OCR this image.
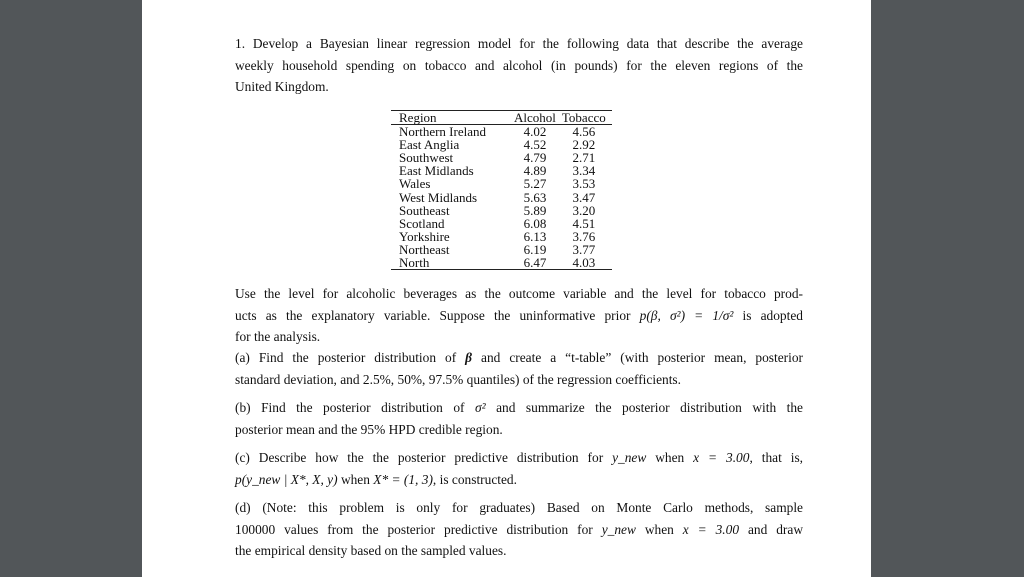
1. Develop a Bayesian linear regression model for the following data that describe the average
weekly household spending on tobacco and alcohol (in pounds) for the eleven regions of the
United Kingdom.
Region	Alcohol	Tobacco
Northern Ireland	4.02	4.56
East Anglia	4.52	2.92
Southwest	4.79	2.71
East Midlands	4.89	3.34
Wales	5.27	3.53
West Midlands	5.63	3.47
Southeast	5.89	3.20
Scotland	6.08	4.51
Yorkshire	6.13	3.76
Northeast	6.19	3.77
North	6.47	4.03
Use the level for alcoholic beverages as the outcome variable and the level for tobacco prod-
ucts as the explanatory variable. Suppose the uninformative prior p(β, σ²) = 1/σ² is adopted
for the analysis.
(a) Find the posterior distribution of β and create a “t-table” (with posterior mean, posterior
standard deviation, and 2.5%, 50%, 97.5% quantiles) of the regression coefficients.
(b) Find the posterior distribution of σ² and summarize the posterior distribution with the
posterior mean and the 95% HPD credible region.
(c) Describe how the the posterior predictive distribution for y_new when x = 3.00, that is,
p(y_new | X*, X, y) when X* = (1, 3), is constructed.
(d) (Note: this problem is only for graduates) Based on Monte Carlo methods, sample
100000 values from the posterior predictive distribution for y_new when x = 3.00 and draw
the empirical density based on the sampled values.
